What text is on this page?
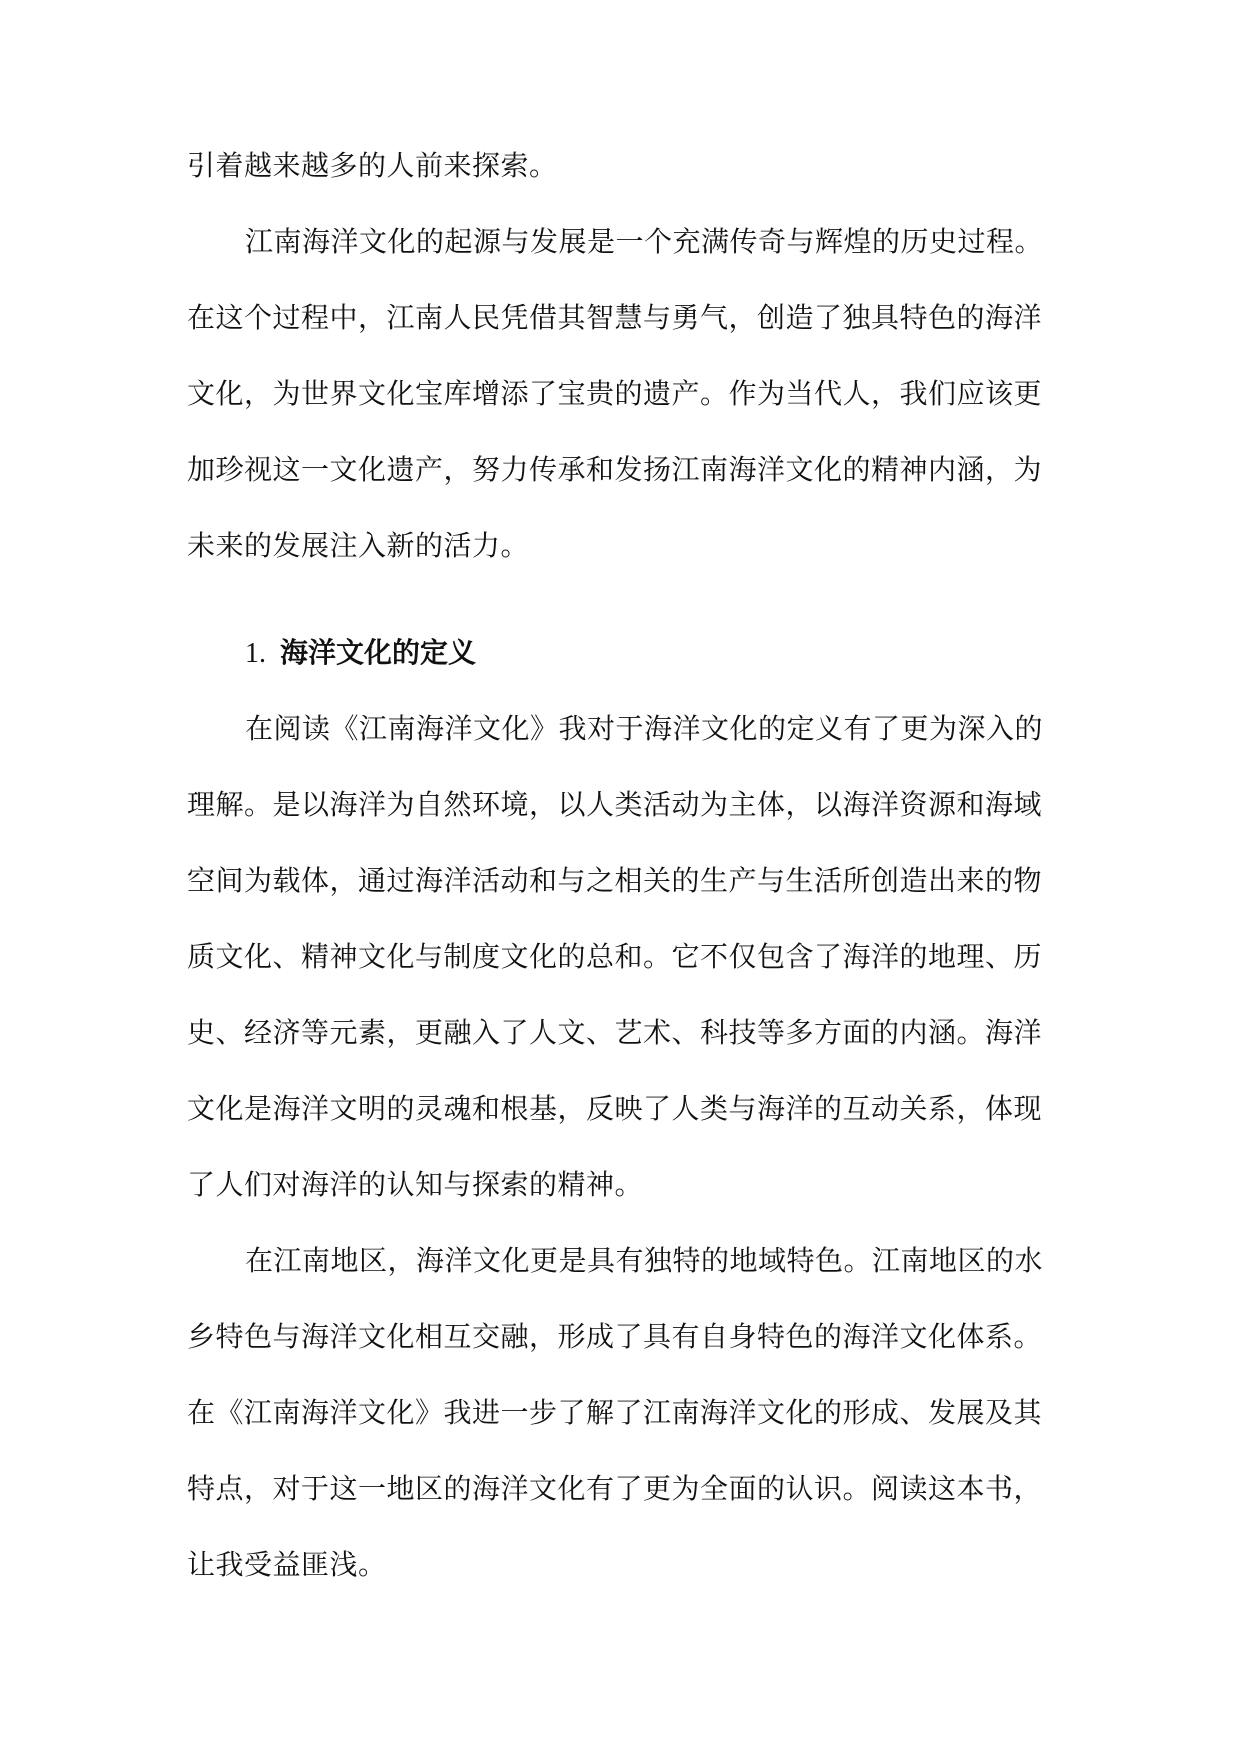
引着越来越多的人前来探索。
江南海洋文化的起源与发展是一个充满传奇与辉煌的历史过程。
在这个过程中，江南人民凭借其智慧与勇气，创造了独具特色的海洋
文化，为世界文化宝库增添了宝贵的遗产。作为当代人，我们应该更
加珍视这一文化遗产，努力传承和发扬江南海洋文化的精神内涵，为
未来的发展注入新的活力。
1. 海洋文化的定义
在阅读《江南海洋文化》我对于海洋文化的定义有了更为深入的
理解。是以海洋为自然环境，以人类活动为主体，以海洋资源和海域
空间为载体，通过海洋活动和与之相关的生产与生活所创造出来的物
质文化、精神文化与制度文化的总和。它不仅包含了海洋的地理、历
史、经济等元素，更融入了人文、艺术、科技等多方面的内涵。海洋
文化是海洋文明的灵魂和根基，反映了人类与海洋的互动关系，体现
了人们对海洋的认知与探索的精神。
在江南地区，海洋文化更是具有独特的地域特色。江南地区的水
乡特色与海洋文化相互交融，形成了具有自身特色的海洋文化体系。
在《江南海洋文化》我进一步了解了江南海洋文化的形成、发展及其
特点，对于这一地区的海洋文化有了更为全面的认识。阅读这本书，
让我受益匪浅。
